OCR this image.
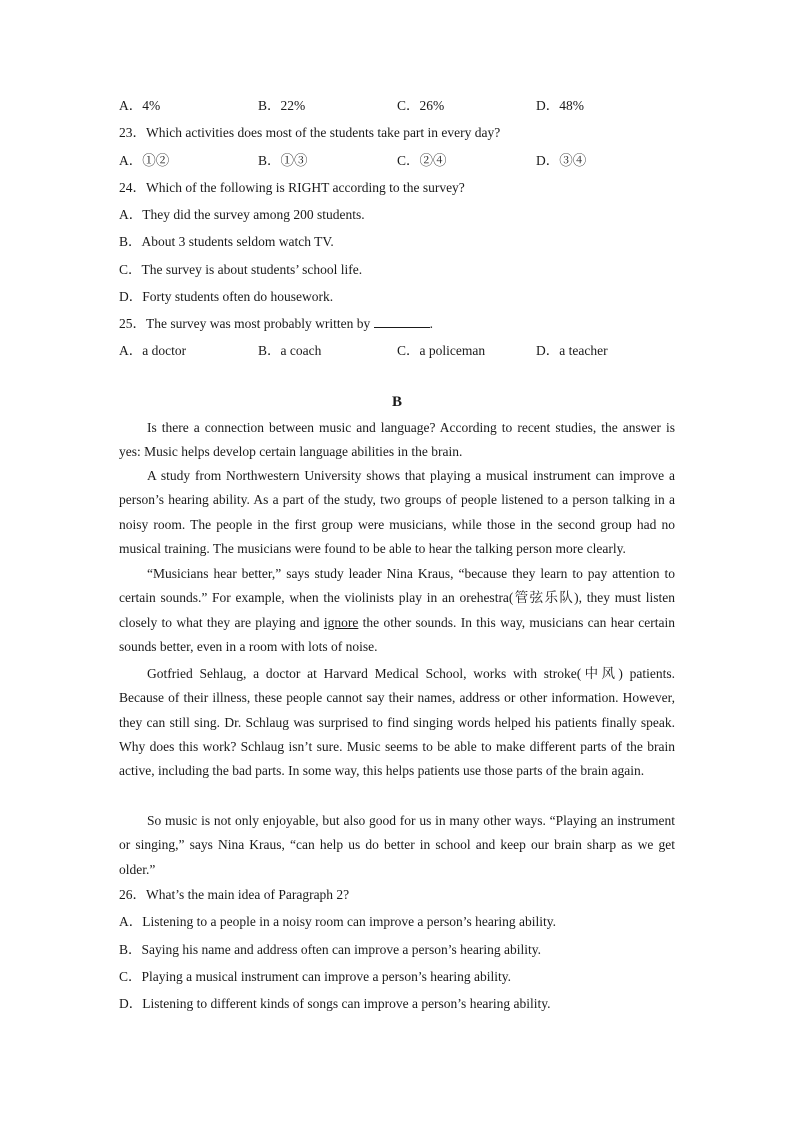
A．4%	B．22%	C．26%	D．48%
23．Which activities does most of the students take part in every day?
A．①②	B．①③	C．②④	D．③④
24．Which of the following is RIGHT according to the survey?
A．They did the survey among 200 students.
B．About 3 students seldom watch TV.
C．The survey is about students’ school life.
D．Forty students often do housework.
25．The survey was most probably written by	.
A．a doctor	B．a coach	C．a policeman	D．a teacher
B
Is there a connection between music and language? According to recent studies, the answer is yes: Music helps develop certain language abilities in the brain.
A study from Northwestern University shows that playing a musical instrument can improve a person’s hearing ability. As a part of the study, two groups of people listened to a person talking in a noisy room. The people in the first group were musicians, while those in the second group had no musical training. The musicians were found to be able to hear the talking person more clearly.
“Musicians hear better,” says study leader Nina Kraus, “because they learn to pay attention to certain sounds.” For example, when the violinists play in an orehestra(管弦乐队), they must listen closely to what they are playing and ignore the other sounds. In this way, musicians can hear certain sounds better, even in a room with lots of noise.
Gotfried Sehlaug, a doctor at Harvard Medical School, works with stroke(中风) patients. Because of their illness, these people cannot say their names, address or other information. However, they can still sing. Dr. Schlaug was surprised to find singing words helped his patients finally speak. Why does this work? Schlaug isn’t sure. Music seems to be able to make different parts of the brain active, including the bad parts. In some way, this helps patients use those parts of the brain again.
So music is not only enjoyable, but also good for us in many other ways. “Playing an instrument or singing,” says Nina Kraus, “can help us do better in school and keep our brain sharp as we get older.”
26．What’s the main idea of Paragraph 2?
A．Listening to a people in a noisy room can improve a person’s hearing ability.
B．Saying his name and address often can improve a person’s hearing ability.
C．Playing a musical instrument can improve a person’s hearing ability.
D．Listening to different kinds of songs can improve a person’s hearing ability.
